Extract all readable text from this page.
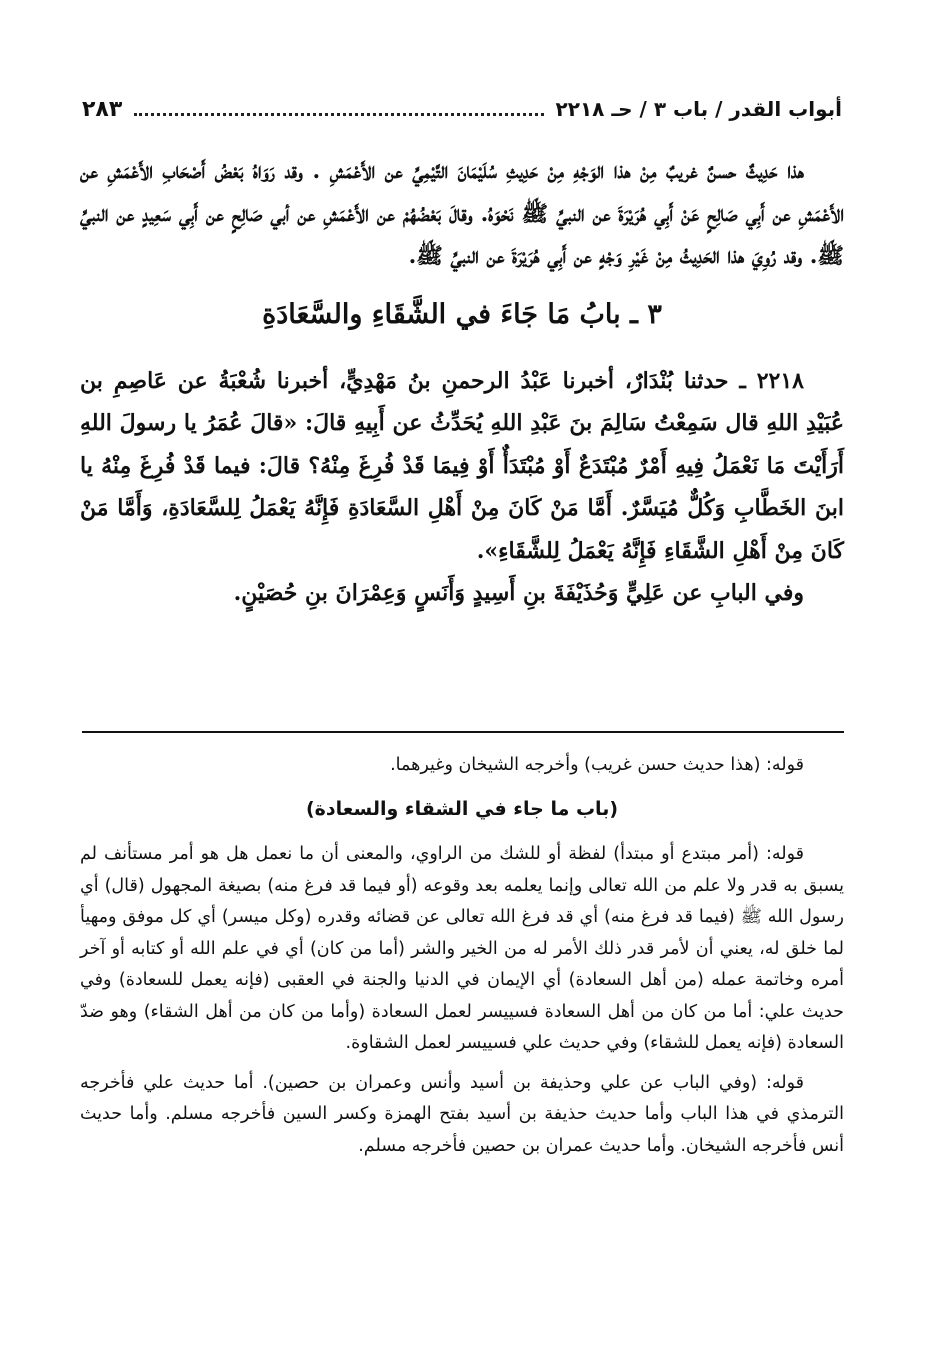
أبواب القدر / باب ٣ / حـ ٢٢١٨
٢٨٣

هذا حَدِيثٌ حسنٌ غريبٌ مِنْ هذا الوَجْهِ مِنْ حَدِيثِ سُلَيْمَانَ التَّيْمِيِّ عن الأَعْمَشِ . وقد رَوَاهُ بَعْضُ أَصْحَابِ الأَعْمَشِ عن الأَعْمَشِ عن أَبِي صَالِحٍ عَنْ أَبِي هُرَيْرَةَ عن النبيِّ ﷺ نَحْوَهُ. وقالَ بَعْضُهُمْ عن الأَعْمَشِ عن أبي صَالِحٍ عن أَبِي سَعِيدٍ عن النبيِّ ﷺ. وقد رُوِيَ هذا الحَدِيثُ مِنْ غَيْرِ وَجْهٍ عن أَبِي هُرَيْرَةَ عن النبيِّ ﷺ.

٣ ـ بابُ مَا جَاءَ في الشَّقَاءِ والسَّعَادَةِ

٢٢١٨ ـ حدثنا بُنْدَارٌ، أخبرنا عَبْدُ الرحمنِ بنُ مَهْدِيٍّ، أخبرنا شُعْبَةُ عن عَاصِمِ بن عُبَيْدِ اللهِ قال سَمِعْتُ سَالِمَ بنَ عَبْدِ اللهِ يُحَدِّثُ عن أَبِيهِ قالَ: «قالَ عُمَرُ يا رسولَ اللهِ أَرَأَيْتَ مَا نَعْمَلُ فِيهِ أَمْرٌ مُبْتَدَعٌ أَوْ مُبْتَدَأٌ أَوْ فِيمَا قَدْ فُرِغَ مِنْهُ؟ قالَ: فيما قَدْ فُرِغَ مِنْهُ يا ابنَ الخَطَّابِ وَكُلٌّ مُيَسَّرٌ. أَمَّا مَنْ كَانَ مِنْ أَهْلِ السَّعَادَةِ فَإِنَّهُ يَعْمَلُ لِلسَّعَادَةِ، وَأَمَّا مَنْ كَانَ مِنْ أَهْلِ الشَّقَاءِ فَإِنَّهُ يَعْمَلُ لِلشَّقَاءِ».

وفي البابِ عن عَلِيٍّ وَحُذَيْفَةَ بنِ أَسِيدٍ وَأَنَسٍ وَعِمْرَانَ بنِ حُصَيْنٍ.

قوله: (هذا حديث حسن غريب) وأخرجه الشيخان وغيرهما.

(باب ما جاء في الشقاء والسعادة)

قوله: (أمر مبتدع أو مبتدأ) لفظة أو للشك من الراوي، والمعنى أن ما نعمل هل هو أمر مستأنف لم يسبق به قدر ولا علم من الله تعالى وإنما يعلمه بعد وقوعه (أو فيما قد فرغ منه) بصيغة المجهول (قال) أي رسول الله ﷺ (فيما قد فرغ منه) أي قد فرغ الله تعالى عن قضائه وقدره (وكل ميسر) أي كل موفق ومهيأ لما خلق له، يعني أن لأمر قدر ذلك الأمر له من الخير والشر (أما من كان) أي في علم الله أو كتابه أو آخر أمره وخاتمة عمله (من أهل السعادة) أي الإيمان في الدنيا والجنة في العقبى (فإنه يعمل للسعادة) وفي حديث علي: أما من كان من أهل السعادة فسييسر لعمل السعادة (وأما من كان من أهل الشقاء) وهو ضدّ السعادة (فإنه يعمل للشقاء) وفي حديث علي فسييسر لعمل الشقاوة.

قوله: (وفي الباب عن علي وحذيفة بن أسيد وأنس وعمران بن حصين). أما حديث علي فأخرجه الترمذي في هذا الباب وأما حديث حذيفة بن أسيد بفتح الهمزة وكسر السين فأخرجه مسلم. وأما حديث أنس فأخرجه الشيخان. وأما حديث عمران بن حصين فأخرجه مسلم.
